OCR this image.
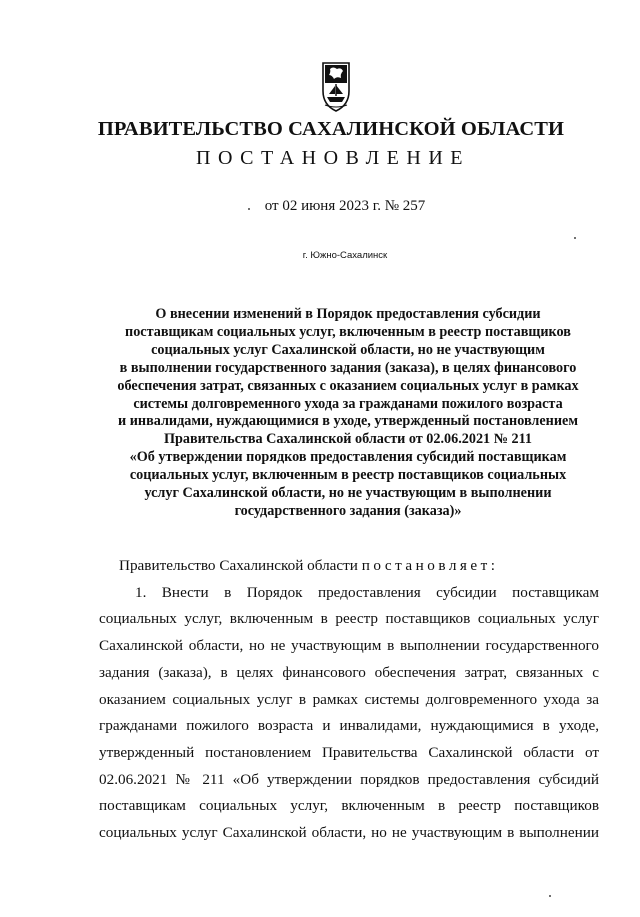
ПРАВИТЕЛЬСТВО САХАЛИНСКОЙ ОБЛАСТИ
ПОСТАНОВЛЕНИЕ
от 02 июня 2023 г. № 257
г. Южно-Сахалинск
О внесении изменений в Порядок предоставления субсидии
поставщикам социальных услуг, включенным в реестр поставщиков
социальных услуг Сахалинской области, но не участвующим
в выполнении государственного задания (заказа), в целях финансового
обеспечения затрат, связанных с оказанием социальных услуг в рамках
системы долговременного ухода за гражданами пожилого возраста
и инвалидами, нуждающимися в уходе, утвержденный постановлением
Правительства Сахалинской области от 02.06.2021 № 211
«Об утверждении порядков предоставления субсидий поставщикам
социальных услуг, включенным в реестр поставщиков социальных
услуг Сахалинской области, но не участвующим в выполнении
государственного задания (заказа)»
Правительство Сахалинской области постановляет:
1. Внести в Порядок предоставления субсидии поставщикам
социальных услуг, включенным в реестр поставщиков социальных услуг
Сахалинской области, но не участвующим в выполнении государственного
задания (заказа), в целях финансового обеспечения затрат, связанных с
оказанием социальных услуг в рамках системы долговременного ухода за
гражданами пожилого возраста и инвалидами, нуждающимися в уходе,
утвержденный постановлением Правительства Сахалинской области от
02.06.2021 № 211 «Об утверждении порядков предоставления субсидий
поставщикам социальных услуг, включенным в реестр поставщиков
социальных услуг Сахалинской области, но не участвующим в выполнении
